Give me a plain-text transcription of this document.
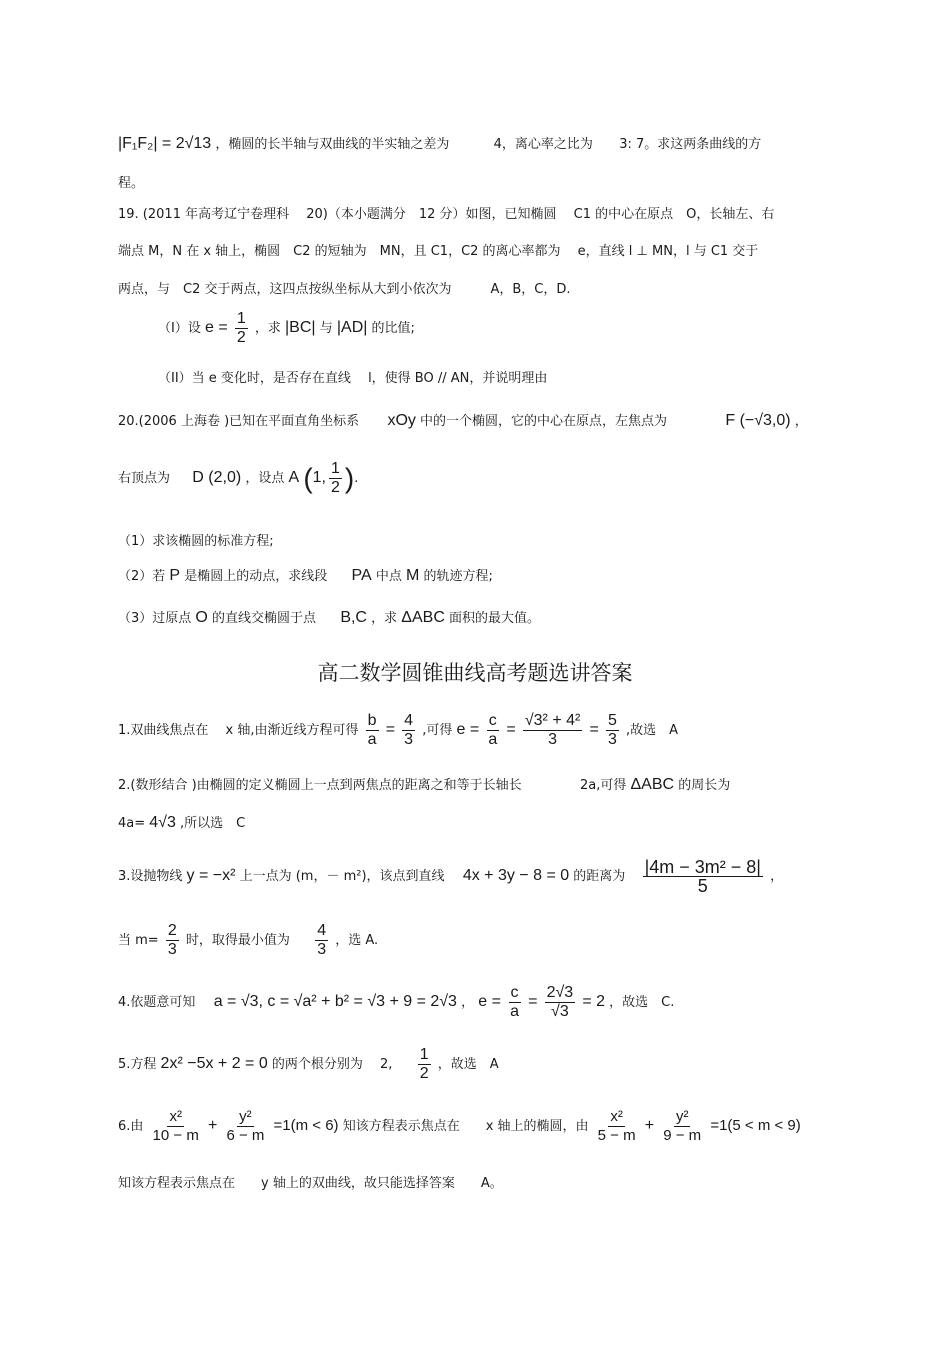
|F₁F₂| = 2√13 ，椭圆的长半轴与双曲线的半实轴之差为	4，离心率之比为 3: 7。求这两条曲线的方
程。
19. (2011 年高考辽宁卷理科　 20)（本小题满分　12 分）如图，已知椭圆　 C1 的中心在原点　O，长轴左、右
端点 M，N 在 x 轴上，椭圆　C2 的短轴为　MN，且 C1，C2 的离心率都为　 e，直线 l ⊥ MN，l 与 C1 交于
两点，与　C2 交于两点，这四点按纵坐标从大到小依次为　　　A，B，C，D.
（I）设 $e = \frac{1}{2}$ ，求 |BC| 与 |AD| 的比值;
（II）当 e 变化时，是否存在直线　 l，使得 BO // AN，并说明理由
20.(2006 上海卷 )已知在平面直角坐标系 xOy 中的一个椭圆，它的中心在原点，左焦点为	F (−√3,0) ，
右顶点为 D (2,0) ，设点 A (1, $\frac{1}{2}$ ).
（1）求该椭圆的标准方程;
（2）若 P 是椭圆上的动点，求线段 PA 中点 M 的轨迹方程;
（3）过原点 O 的直线交椭圆于点 B,C ，求 ΔABC 面积的最大值。
高二数学圆锥曲线高考题选讲答案
1.双曲线焦点在　 x 轴,由渐近线方程可得 $\frac{b}{a} = \frac{4}{3}$ ,可得 $e = \frac{c}{a} = \frac{\text{√3² + 4²}}{3} = \frac{5}{3}$ ,故选　A
2.(数形结合 )由椭圆的定义椭圆上一点到两焦点的距离之和等于长轴长	2a,可得 ΔABC 的周长为
4a= 4√3 ,所以选　C
3.设抛物线 y = −x² 上一点为 (m，－ m²)，该点到直线 4x + 3y − 8 = 0 的距离为 $\frac{\text{|4m − 3m² − 8|}}{5}$ ，
当 $m= \frac{2}{3}$ 时，取得最小值为 $\frac{4}{3}$ ，选 A.
4.依题意可知 a = √3, c = √a² + b² = √3 + 9 = 2√3 ， $e = \frac{c}{a} = \frac{2√3}{√3} = 2$ ，故选　C.
5.方程 2x² −5x + 2 = 0 的两个根分别为　 2, $\frac{1}{2}$ ，故选　A
6.由 $\frac{\text{x²}}{10 - m} + \frac{\text{y²}}{6 - m} =1(m < 6)$ 知该方程表示焦点在　　x 轴上的椭圆，由 $\frac{\text{x²}}{5 - m} + \frac{\text{y²}}{9 - m} =1(5 < m < 9)$
知该方程表示焦点在　　y 轴上的双曲线，故只能选择答案　　A。
